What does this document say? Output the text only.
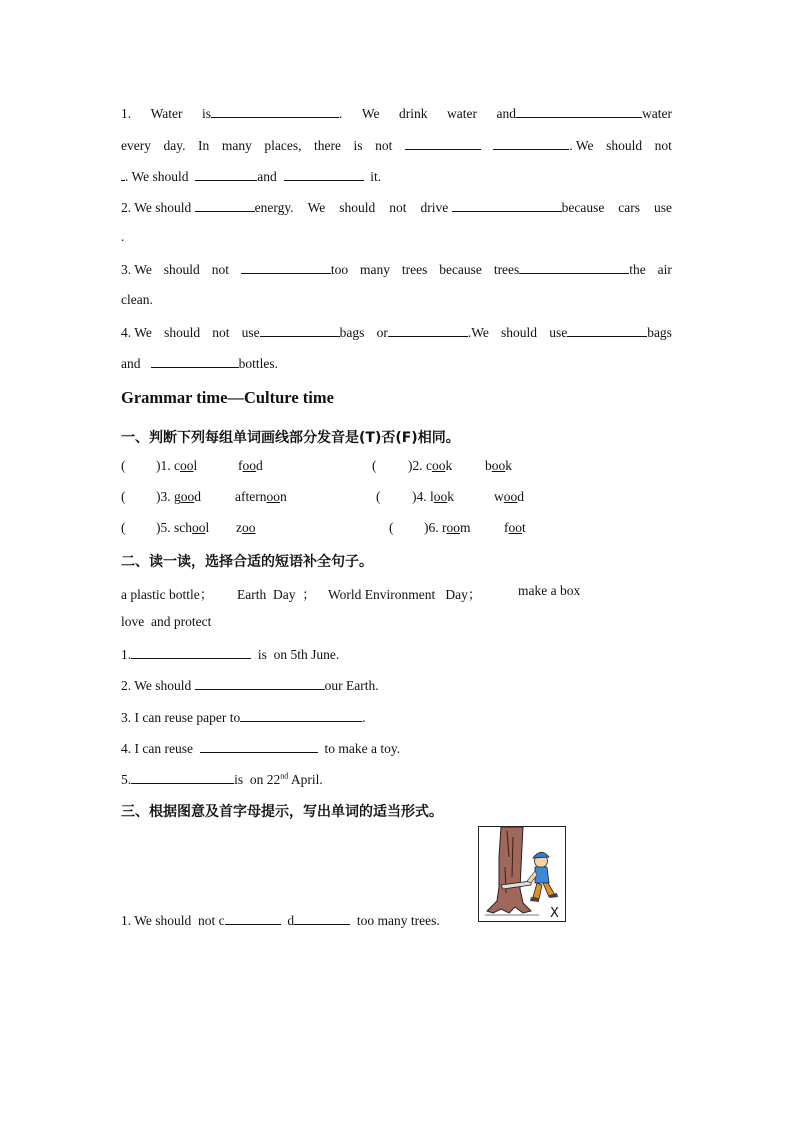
1. Water is	. We drink water and	water
every day. In many places, there is not	. We should not
. We should	and	it.
2. We should	energy. We should not drive	because cars use
.
3. We should not	too many trees because trees	the air
clean.
4. We should not use	bags or	.We should use	bags
and	bottles.
Grammar time—Culture time
一、判断下列每组单词画线部分发音是(T)否(F)相同。
( )1. cool	food	( )2. cook book
( )3. good	afternoon	( )4. look	wood
( )5. school zoo	( )6. room foot
二、读一读，选择合适的短语补全句子。
a plastic bottle； Earth  Day  ； World Environment   Day；	make a box
love  and protect
1.	is  on 5th June.
2. We should	our Earth.
3. I can reuse paper to	.
4. I can reuse	to make a toy.
5.	is  on 22nd April.
三、根据图意及首字母提示，写出单词的适当形式。
1. We should  not c	d	too many trees.	X
